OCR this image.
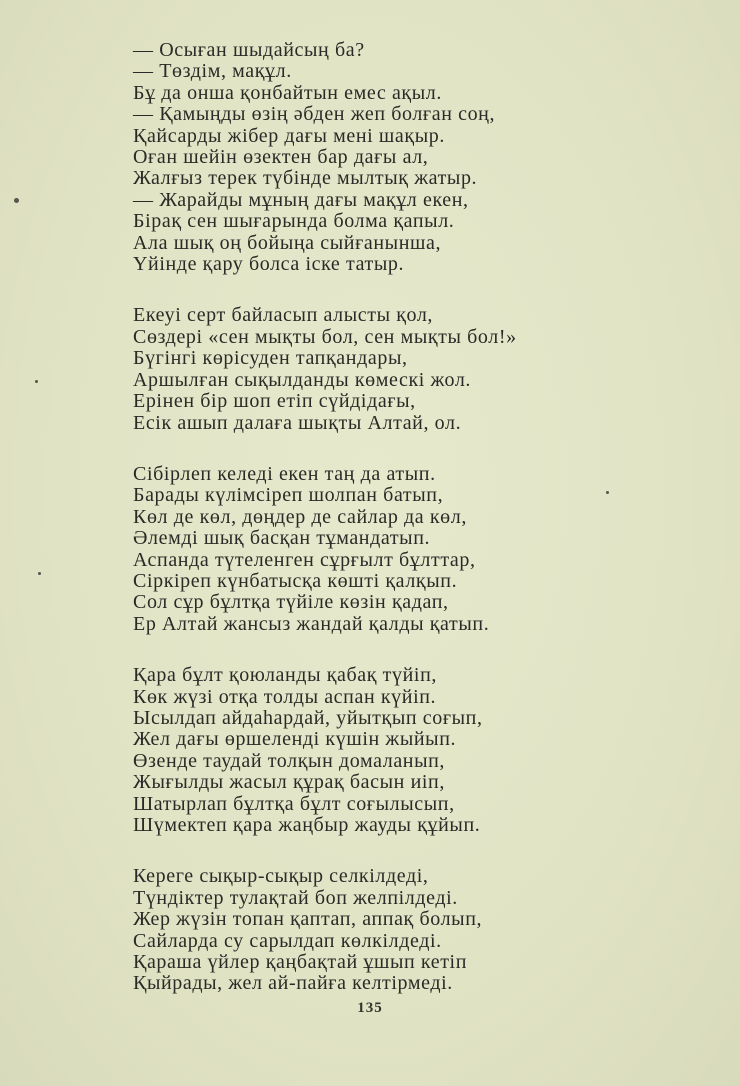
— Осыған шыдайсың ба?
— Төздім, мақұл.
Бұ да онша қонбайтын емес ақыл.
— Қамыңды өзің әбден жеп болған соң,
Қайсарды жібер дағы мені шақыр.
Оған шейін өзектен бар дағы ал,
Жалғыз терек түбінде мылтық жатыр.
— Жарайды мұның дағы мақұл екен,
Бірақ сен шығарында болма қапыл.
Ала шық оң бойыңа сыйғанынша,
Үйінде қару болса іске татыр.
Екеуі серт байласып алысты қол,
Сөздері «сен мықты бол, сен мықты бол!»
Бүгінгі көрісуден тапқандары,
Аршылған сықылданды көмескі жол.
Ерінен бір шоп етіп сүйдідағы,
Есік ашып далаға шықты Алтай, ол.
Сібірлеп келеді екен таң да атып.
Барады күлімсіреп шолпан батып,
Көл де көл, дөңдер де сайлар да көл,
Әлемді шық басқан тұмандатып.
Аспанда түтеленген сұрғылт бұлттар,
Сіркіреп күнбатысқа көшті қалқып.
Сол сұр бұлтқа түйіле көзін қадап,
Ер Алтай жансыз жандай қалды қатып.
Қара бұлт қоюланды қабақ түйіп,
Көк жүзі отқа толды аспан күйіп.
Ысылдап айдаһардай, уйытқып соғып,
Жел дағы өршеленді күшін жыйып.
Өзенде таудай толқын домаланып,
Жығылды жасыл құрақ басын иіп,
Шатырлап бұлтқа бұлт соғылысып,
Шүмектеп қара жаңбыр жауды құйып.
Кереге сықыр-сықыр селкілдеді,
Түндіктер тулақтай боп желпілдеді.
Жер жүзін топан қаптап, аппақ болып,
Сайларда су сарылдап көлкілдеді.
Қараша үйлер қаңбақтай ұшып кетіп
Қыйрады, жел ай-пайға келтірмеді.
135
